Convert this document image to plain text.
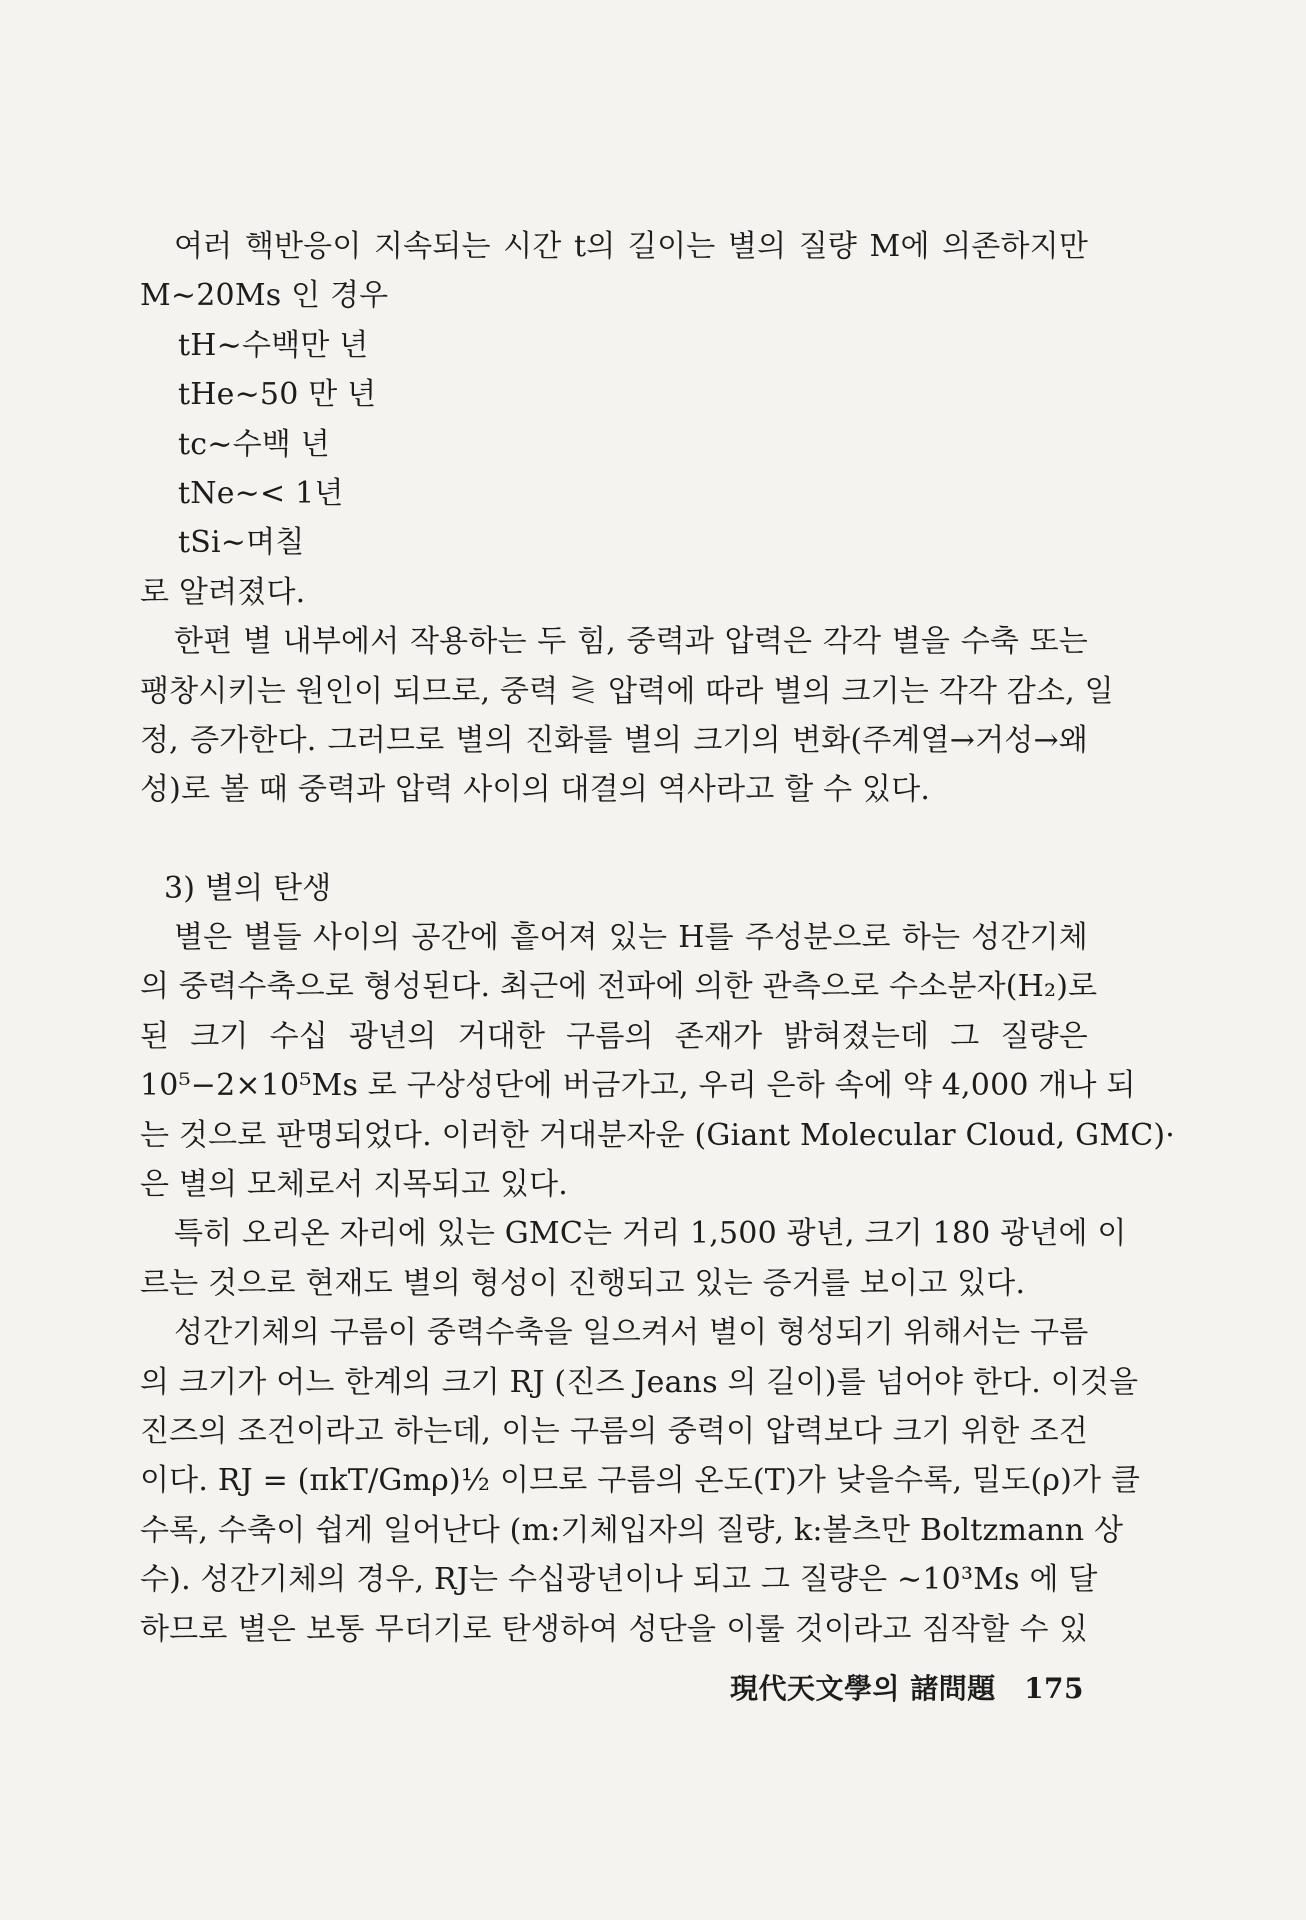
여러 핵반응이 지속되는 시간 t의 길이는 별의 질량 M에 의존하지만
M∼20Ms 인 경우
tH∼수백만 년
tHe∼50 만 년
tc∼수백 년
tNe∼< 1년
tSi∼며칠
로 알려졌다.
한편 별 내부에서 작용하는 두 힘, 중력과 압력은 각각 별을 수축 또는
팽창시키는 원인이 되므로, 중력 ⋛ 압력에 따라 별의 크기는 각각 감소, 일
정, 증가한다. 그러므로 별의 진화를 별의 크기의 변화(주계열→거성→왜
성)로 볼 때 중력과 압력 사이의 대결의 역사라고 할 수 있다.
3) 별의 탄생
별은 별들 사이의 공간에 흩어져 있는 H를 주성분으로 하는 성간기체
의 중력수축으로 형성된다. 최근에 전파에 의한 관측으로 수소분자(H₂)로
된 크기 수십 광년의 거대한 구름의 존재가 밝혀졌는데 그 질량은
10⁵−2×10⁵Ms 로 구상성단에 버금가고, 우리 은하 속에 약 4,000 개나 되
는 것으로 판명되었다. 이러한 거대분자운 (Giant Molecular Cloud, GMC)·
은 별의 모체로서 지목되고 있다.
특히 오리온 자리에 있는 GMC는 거리 1,500 광년, 크기 180 광년에 이
르는 것으로 현재도 별의 형성이 진행되고 있는 증거를 보이고 있다.
성간기체의 구름이 중력수축을 일으켜서 별이 형성되기 위해서는 구름
의 크기가 어느 한계의 크기 RJ (진즈 Jeans 의 길이)를 넘어야 한다. 이것을
진즈의 조건이라고 하는데, 이는 구름의 중력이 압력보다 크기 위한 조건
이다. RJ = (πkT/Gmρ)½ 이므로 구름의 온도(T)가 낮을수록, 밀도(ρ)가 클
수록, 수축이 쉽게 일어난다 (m:기체입자의 질량, k:볼츠만 Boltzmann 상
수). 성간기체의 경우, RJ는 수십광년이나 되고 그 질량은 ∼10³Ms 에 달
하므로 별은 보통 무더기로 탄생하여 성단을 이룰 것이라고 짐작할 수 있
現代天文學의 諸問題 175
